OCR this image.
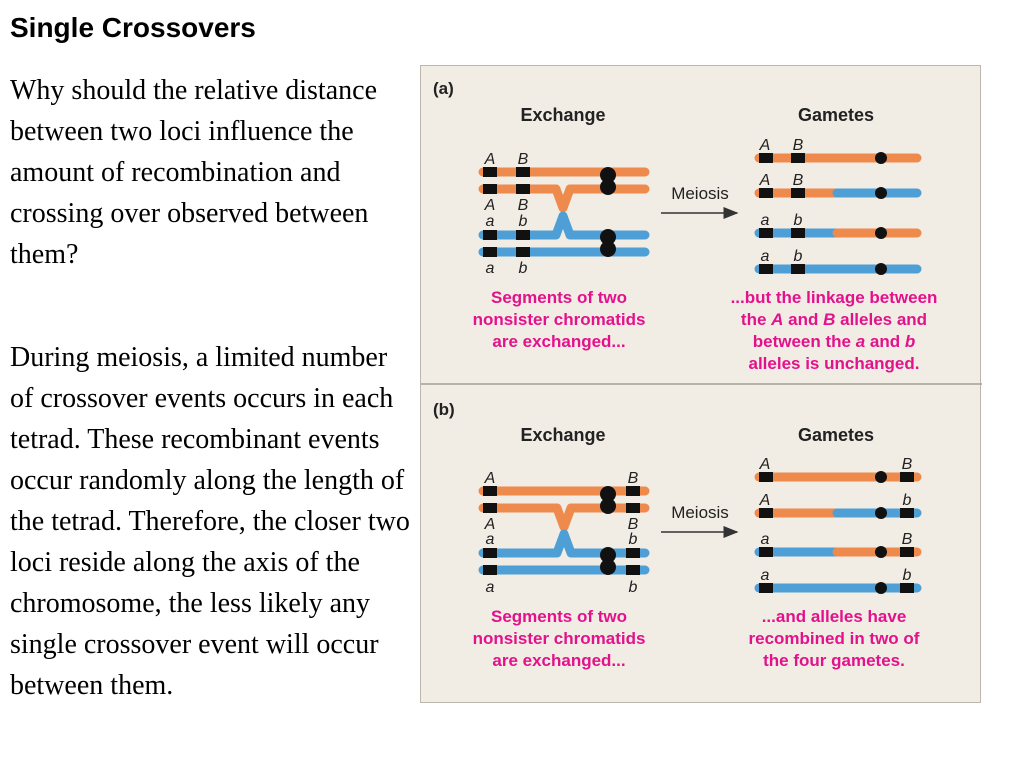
Single Crossovers

Why should the relative distance between two loci influence the amount of recombination and crossing over observed between them?

During meiosis, a limited number of crossover events occurs in each tetrad. These recombinant events occur randomly along the length of the tetrad. Therefore, the closer two loci reside along the axis of the chromosome, the less likely any single crossover event will occur between them.

(a)
Exchange	Gametes
A B
A B
a b
a b
Meiosis
A B
A B
a b
a b
Segments of two
nonsister chromatids
are exchanged...
...but the linkage between
the A and B alleles and
between the a and b
alleles is unchanged.
(b)
Exchange	Gametes
A	B
A	B
a	b
a	b
Meiosis
A	B
A	b
a	B
a	b
Segments of two
nonsister chromatids
are exchanged...
...and alleles have
recombined in two of
the four gametes.
